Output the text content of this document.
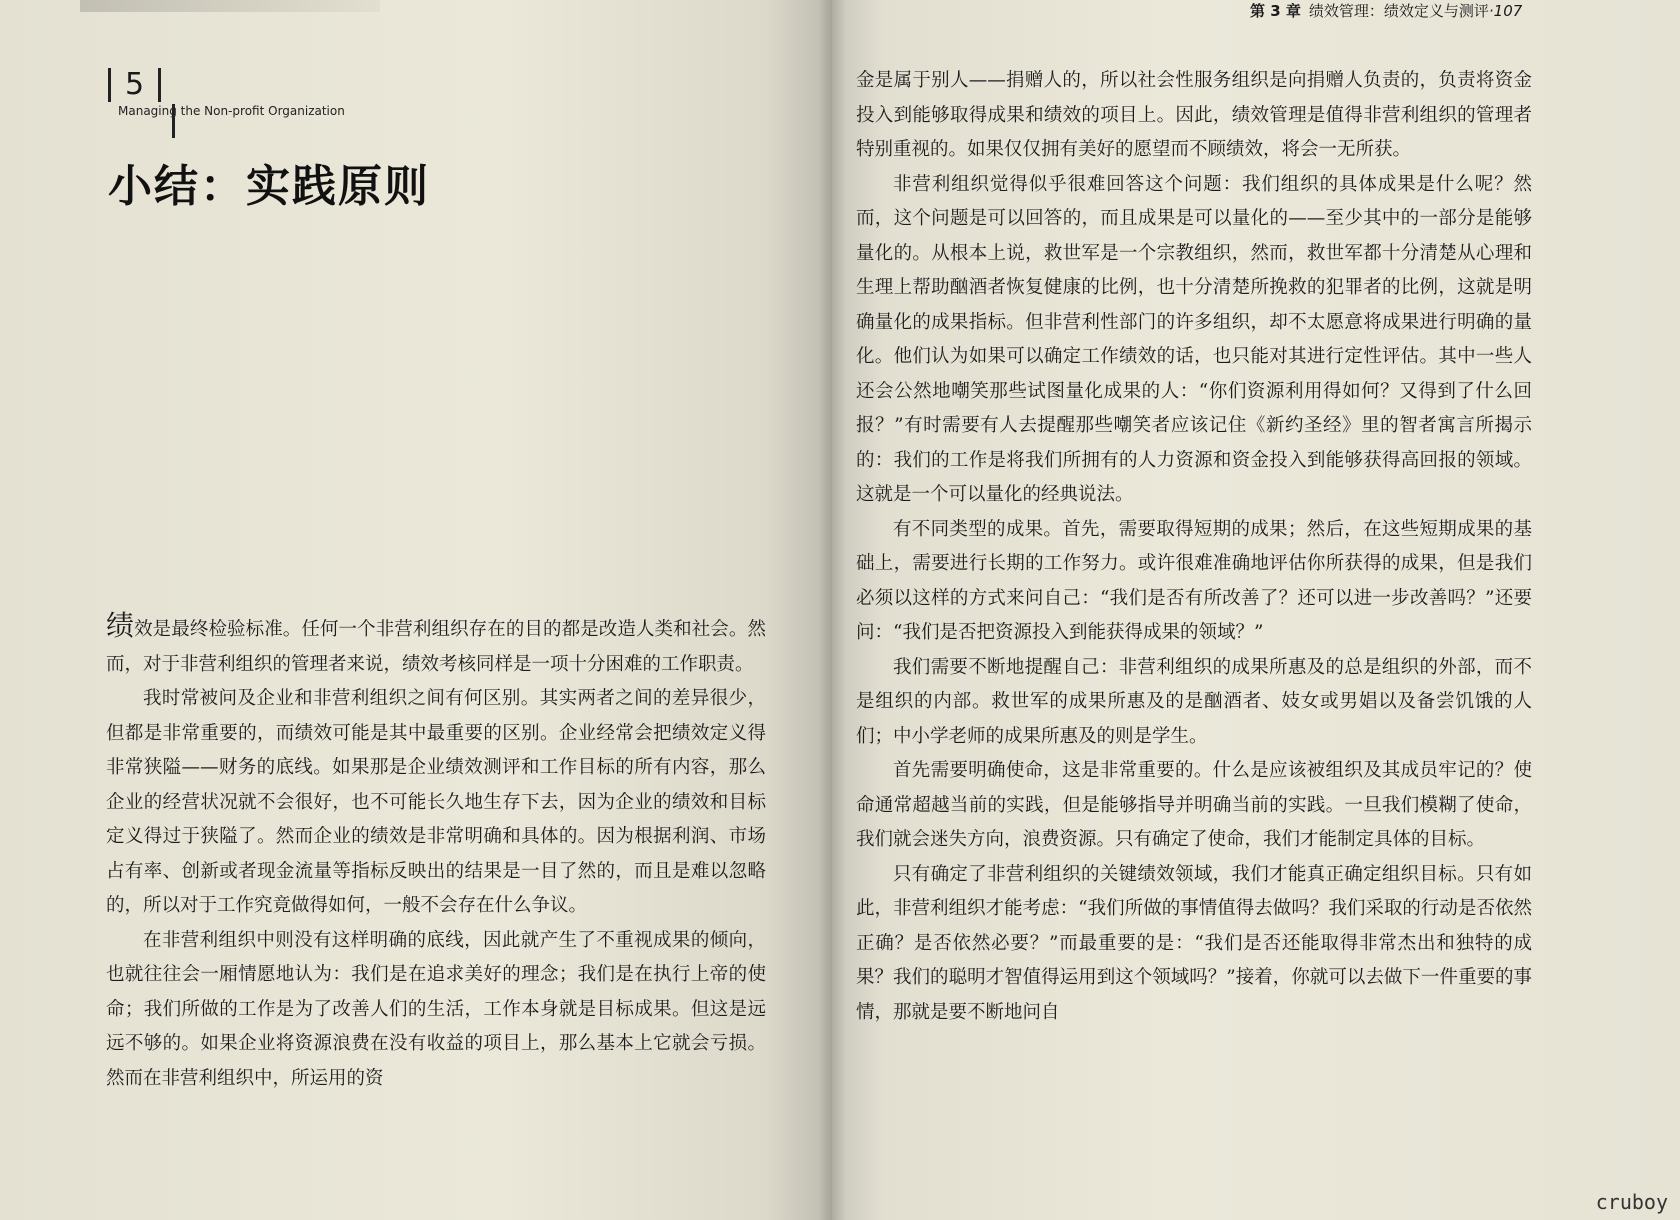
5
Managing the Non-profit Organization
小结：实践原则

绩效是最终检验标准。任何一个非营利组织存在的目的都是改造人类和社会。然而，对于非营利组织的管理者来说，绩效考核同样是一项十分困难的工作职责。

我时常被问及企业和非营利组织之间有何区别。其实两者之间的差异很少，但都是非常重要的，而绩效可能是其中最重要的区别。企业经常会把绩效定义得非常狭隘——财务的底线。如果那是企业绩效测评和工作目标的所有内容，那么企业的经营状况就不会很好，也不可能长久地生存下去，因为企业的绩效和目标定义得过于狭隘了。然而企业的绩效是非常明确和具体的。因为根据利润、市场占有率、创新或者现金流量等指标反映出的结果是一目了然的，而且是难以忽略的，所以对于工作究竟做得如何，一般不会存在什么争议。

在非营利组织中则没有这样明确的底线，因此就产生了不重视成果的倾向，也就往往会一厢情愿地认为：我们是在追求美好的理念；我们是在执行上帝的使命；我们所做的工作是为了改善人们的生活，工作本身就是目标成果。但这是远远不够的。如果企业将资源浪费在没有收益的项目上，那么基本上它就会亏损。然而在非营利组织中，所运用的资

第 3 章 绩效管理：绩效定义与测评·107

金是属于别人——捐赠人的，所以社会性服务组织是向捐赠人负责的，负责将资金投入到能够取得成果和绩效的项目上。因此，绩效管理是值得非营利组织的管理者特别重视的。如果仅仅拥有美好的愿望而不顾绩效，将会一无所获。

非营利组织觉得似乎很难回答这个问题：我们组织的具体成果是什么呢？然而，这个问题是可以回答的，而且成果是可以量化的——至少其中的一部分是能够量化的。从根本上说，救世军是一个宗教组织，然而，救世军都十分清楚从心理和生理上帮助酗酒者恢复健康的比例，也十分清楚所挽救的犯罪者的比例，这就是明确量化的成果指标。但非营利性部门的许多组织，却不太愿意将成果进行明确的量化。他们认为如果可以确定工作绩效的话，也只能对其进行定性评估。其中一些人还会公然地嘲笑那些试图量化成果的人：“你们资源利用得如何？又得到了什么回报？”有时需要有人去提醒那些嘲笑者应该记住《新约圣经》里的智者寓言所揭示的：我们的工作是将我们所拥有的人力资源和资金投入到能够获得高回报的领域。这就是一个可以量化的经典说法。

有不同类型的成果。首先，需要取得短期的成果；然后，在这些短期成果的基础上，需要进行长期的工作努力。或许很难准确地评估你所获得的成果，但是我们必须以这样的方式来问自己：“我们是否有所改善了？还可以进一步改善吗？”还要问：“我们是否把资源投入到能获得成果的领域？”

我们需要不断地提醒自己：非营利组织的成果所惠及的总是组织的外部，而不是组织的内部。救世军的成果所惠及的是酗酒者、妓女或男娼以及备尝饥饿的人们；中小学老师的成果所惠及的则是学生。

首先需要明确使命，这是非常重要的。什么是应该被组织及其成员牢记的？使命通常超越当前的实践，但是能够指导并明确当前的实践。一旦我们模糊了使命，我们就会迷失方向，浪费资源。只有确定了使命，我们才能制定具体的目标。

只有确定了非营利组织的关键绩效领域，我们才能真正确定组织目标。只有如此，非营利组织才能考虑：“我们所做的事情值得去做吗？我们采取的行动是否依然正确？是否依然必要？”而最重要的是：“我们是否还能取得非常杰出和独特的成果？我们的聪明才智值得运用到这个领域吗？”接着，你就可以去做下一件重要的事情，那就是要不断地问自

cruboy
